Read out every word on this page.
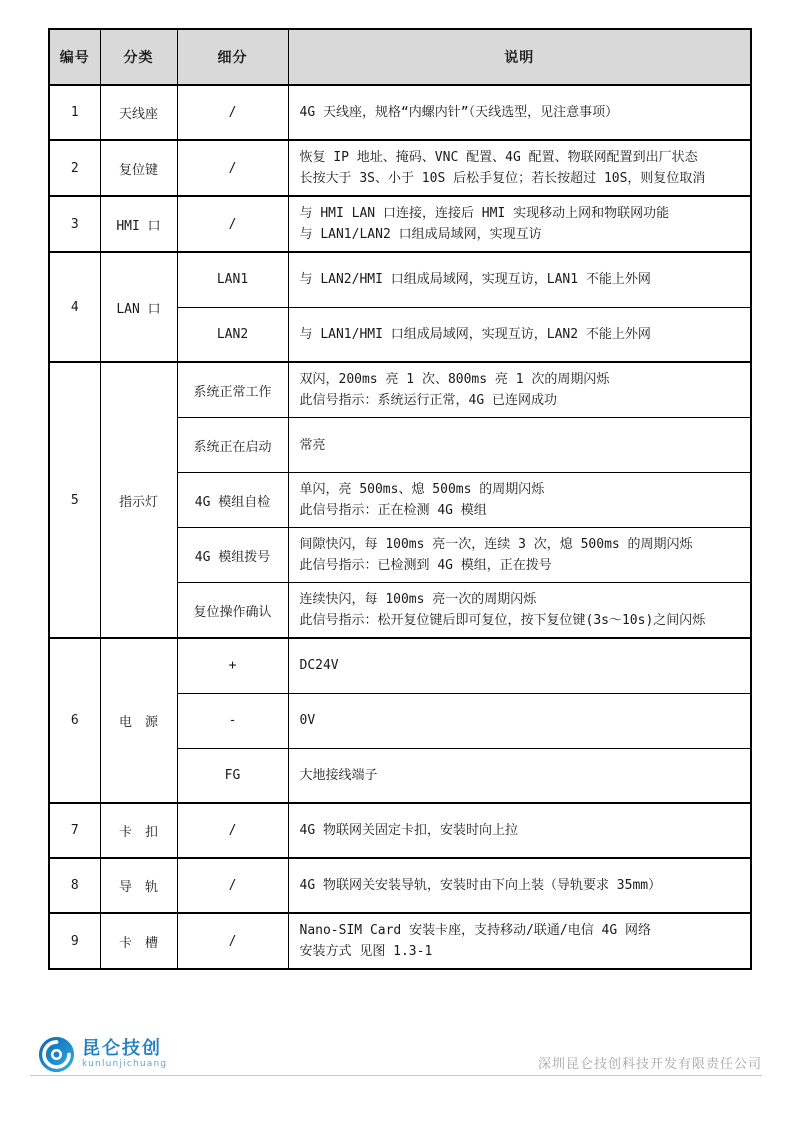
编号	分类	细分	说明
1	天线座	/	4G 天线座，规格“内螺内针”（天线选型，见注意事项）

2	复位键	/	恢复 IP 地址、掩码、VNC 配置、4G 配置、物联网配置到出厂状态
长按大于 3S、小于 10S 后松手复位；若长按超过 10S，则复位取消

3	HMI 口	/	与 HMI LAN 口连接，连接后 HMI 实现移动上网和物联网功能
与 LAN1/LAN2 口组成局域网，实现互访

4	LAN 口	LAN1	与 LAN2/HMI 口组成局域网，实现互访，LAN1 不能上外网

		LAN2	与 LAN1/HMI 口组成局域网，实现互访，LAN2 不能上外网

5	指示灯	系统正常工作	双闪，200ms 亮 1 次、800ms 亮 1 次的周期闪烁
此信号指示：系统运行正常，4G 已连网成功

		系统正在启动	常亮

		4G 模组自检	单闪，亮 500ms、熄 500ms 的周期闪烁
此信号指示：正在检测 4G 模组

		4G 模组拨号	间隙快闪，每 100ms 亮一次，连续 3 次，熄 500ms 的周期闪烁
此信号指示：已检测到 4G 模组，正在拨号

		复位操作确认	连续快闪，每 100ms 亮一次的周期闪烁
此信号指示：松开复位键后即可复位，按下复位键(3s～10s)之间闪烁

6	电　源	+	DC24V

		-	0V

		FG	大地接线端子

7	卡　扣	/	4G 物联网关固定卡扣，安装时向上拉

8	导　轨	/	4G 物联网关安装导轨，安装时由下向上装（导轨要求 35mm）

9	卡　槽	/	Nano-SIM Card 安装卡座，支持移动/联通/电信 4G 网络
安装方式 见图 1.3-1
昆仑技创
kunlunjichuang	深圳昆仑技创科技开发有限责任公司
